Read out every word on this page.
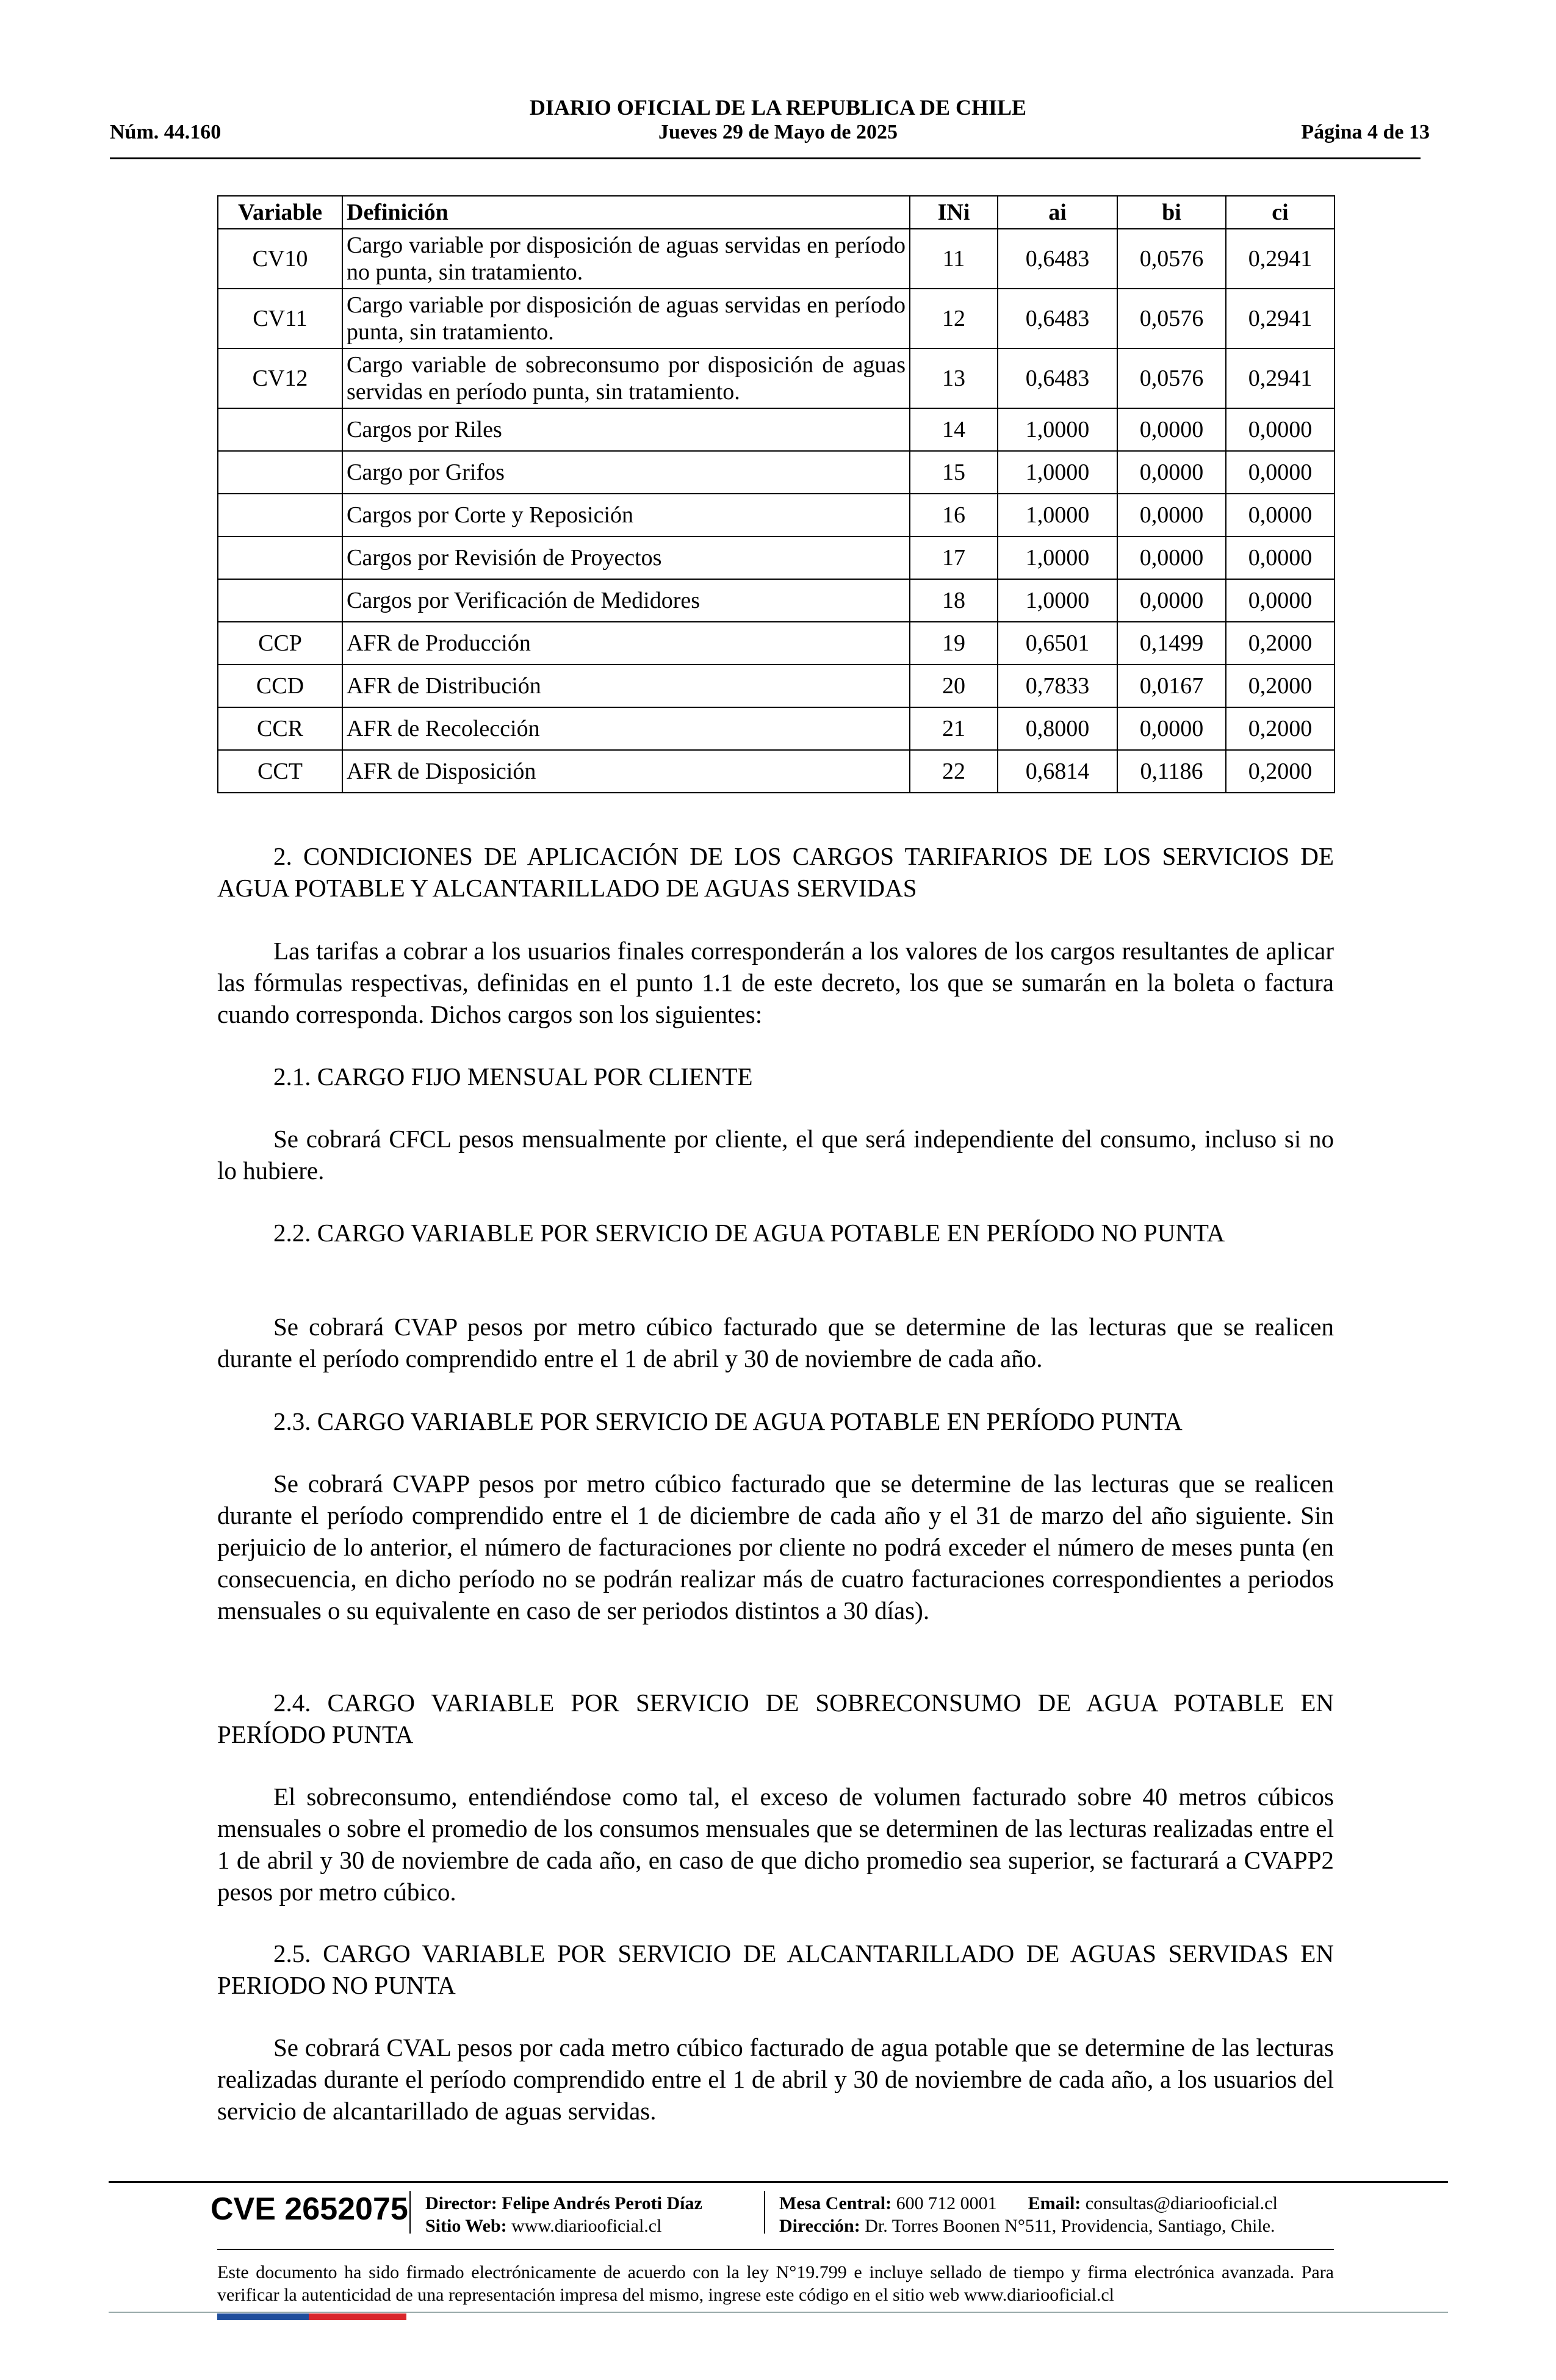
Núm. 44.160
DIARIO OFICIAL DE LA REPUBLICA DE CHILE
Jueves 29 de Mayo de 2025	Página 4 de 13
Variable	Definición	INi	ai	bi	ci
CV10	Cargo variable por disposición de aguas servidas en período no punta, sin tratamiento.	11	0,6483	0,0576	0,2941
CV11	Cargo variable por disposición de aguas servidas en período punta, sin tratamiento.	12	0,6483	0,0576	0,2941
CV12	Cargo variable de sobreconsumo por disposición de aguas servidas en período punta, sin tratamiento.	13	0,6483	0,0576	0,2941
	Cargos por Riles	14	1,0000	0,0000	0,0000
	Cargo por Grifos	15	1,0000	0,0000	0,0000
	Cargos por Corte y Reposición	16	1,0000	0,0000	0,0000
	Cargos por Revisión de Proyectos	17	1,0000	0,0000	0,0000
	Cargos por Verificación de Medidores	18	1,0000	0,0000	0,0000
CCP	AFR de Producción	19	0,6501	0,1499	0,2000
CCD	AFR de Distribución	20	0,7833	0,0167	0,2000
CCR	AFR de Recolección	21	0,8000	0,0000	0,2000
CCT	AFR de Disposición	22	0,6814	0,1186	0,2000
2. CONDICIONES DE APLICACIÓN DE LOS CARGOS TARIFARIOS DE LOS SERVICIOS DE AGUA POTABLE Y ALCANTARILLADO DE AGUAS SERVIDAS
Las tarifas a cobrar a los usuarios finales corresponderán a los valores de los cargos resultantes de aplicar las fórmulas respectivas, definidas en el punto 1.1 de este decreto, los que se sumarán en la boleta o factura cuando corresponda. Dichos cargos son los siguientes:
2.1. CARGO FIJO MENSUAL POR CLIENTE
Se cobrará CFCL pesos mensualmente por cliente, el que será independiente del consumo, incluso si no lo hubiere.
2.2. CARGO VARIABLE POR SERVICIO DE AGUA POTABLE EN PERÍODO NO PUNTA
Se cobrará CVAP pesos por metro cúbico facturado que se determine de las lecturas que se realicen durante el período comprendido entre el 1 de abril y 30 de noviembre de cada año.
2.3. CARGO VARIABLE POR SERVICIO DE AGUA POTABLE EN PERÍODO PUNTA
Se cobrará CVAPP pesos por metro cúbico facturado que se determine de las lecturas que se realicen durante el período comprendido entre el 1 de diciembre de cada año y el 31 de marzo del año siguiente. Sin perjuicio de lo anterior, el número de facturaciones por cliente no podrá exceder el número de meses punta (en consecuencia, en dicho período no se podrán realizar más de cuatro facturaciones correspondientes a periodos mensuales o su equivalente en caso de ser periodos distintos a 30 días).
2.4. CARGO VARIABLE POR SERVICIO DE SOBRECONSUMO DE AGUA POTABLE EN PERÍODO PUNTA
El sobreconsumo, entendiéndose como tal, el exceso de volumen facturado sobre 40 metros cúbicos mensuales o sobre el promedio de los consumos mensuales que se determinen de las lecturas realizadas entre el 1 de abril y 30 de noviembre de cada año, en caso de que dicho promedio sea superior, se facturará a CVAPP2 pesos por metro cúbico.
2.5. CARGO VARIABLE POR SERVICIO DE ALCANTARILLADO DE AGUAS SERVIDAS EN PERIODO NO PUNTA
Se cobrará CVAL pesos por cada metro cúbico facturado de agua potable que se determine de las lecturas realizadas durante el período comprendido entre el 1 de abril y 30 de noviembre de cada año, a los usuarios del servicio de alcantarillado de aguas servidas.
CVE 2652075 Director: Felipe Andrés Peroti Díaz
Sitio Web: www.diariooficial.cl
Mesa Central: 600 712 0001 Email: consultas@diariooficial.cl
Dirección: Dr. Torres Boonen N°511, Providencia, Santiago, Chile.
Este documento ha sido firmado electrónicamente de acuerdo con la ley N°19.799 e incluye sellado de tiempo y firma electrónica avanzada. Para verificar la autenticidad de una representación impresa del mismo, ingrese este código en el sitio web www.diariooficial.cl
